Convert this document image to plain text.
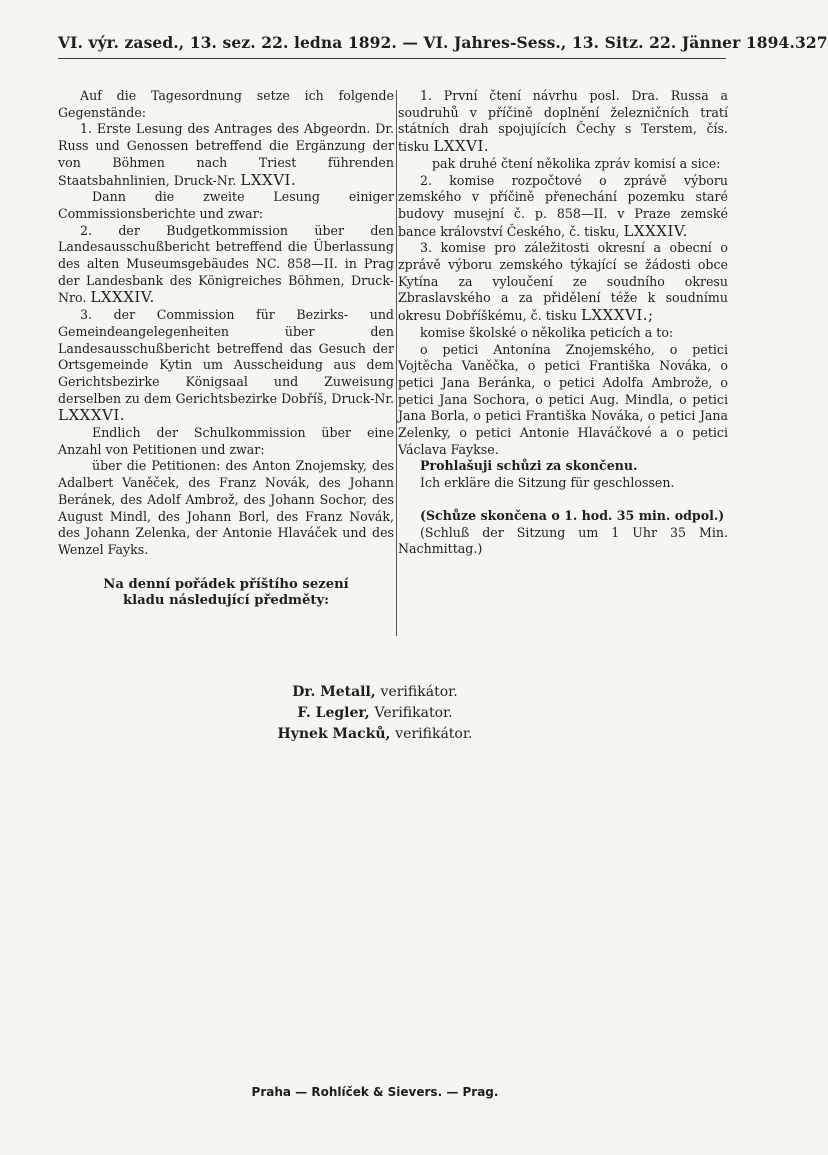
VI. výr. zased., 13. sez. 22. ledna 1892. — VI. Jahres-Sess., 13. Sitz. 22. Jänner 1894. 327

Auf die Tagesordnung setze ich folgende Gegenstände:

1. Erste Lesung des Antrages des Abgeordn. Dr. Russ und Genossen betreffend die Ergänzung der von Böhmen nach Triest führenden Staatsbahnlinien, Druck-Nr. LXXVI.

Dann die zweite Lesung einiger Commissionsberichte und zwar:

2. der Budgetkommission über den Landesausschußbericht betreffend die Überlassung des alten Museumsgebäudes NC. 858—II. in Prag der Landesbank des Königreiches Böhmen, Druck-Nro. LXXXIV.

3. der Commission für Bezirks- und Gemeindeangelegenheiten über den Landesausschußbericht betreffend das Gesuch der Ortsgemeinde Kytin um Ausscheidung aus dem Gerichtsbezirke Königsaal und Zuweisung derselben zu dem Gerichtsbezirke Dobříš, Druck-Nr. LXXXVI.

Endlich der Schulkommission über eine Anzahl von Petitionen und zwar:

über die Petitionen: des Anton Znojemsky, des Adalbert Vaněček, des Franz Novák, des Johann Beránek, des Adolf Ambrož, des Johann Sochor, des August Mindl, des Johann Borl, des Franz Novák, des Johann Zelenka, der Antonie Hlaváček und des Wenzel Fayks.

Na denní pořádek příštího sezení
kladu následující předměty:

1. První čtení návrhu posl. Dra. Russa a soudruhů v příčině doplnění železničních tratí státních drah spojujících Čechy s Terstem, čís. tisku LXXVI.

pak druhé čtení několika zpráv komisí a sice:

2. komise rozpočtové o zprávě výboru zemského v příčině přenechání pozemku staré budovy musejní č. p. 858—II. v Praze zemské bance království Českého, č. tisku, LXXXIV.

3. komise pro záležitosti okresní a obecní o zprávě výboru zemského týkající se žádosti obce Kytína za vyloučení ze soudního okresu Zbraslavského a za přidělení téže k soudnímu okresu Dobříškému, č. tisku LXXXVI.;

komise školské o několika peticích a to:

o petici Antonína Znojemského, o petici Vojtěcha Vaněčka, o petici Františka Nováka, o petici Jana Beránka, o petici Adolfa Ambrože, o petici Jana Sochora, o petici Aug. Mindla, o petici Jana Borla, o petici Františka Nováka, o petici Jana Zelenky, o petici Antonie Hlaváčkové a o petici Václava Faykse.

Prohlašuji schůzi za skončenu.

Ich erkläre die Sitzung für geschlossen.

(Schůze skončena o 1. hod. 35 min. odpol.)

(Schluß der Sitzung um 1 Uhr 35 Min. Nachmittag.)

Dr. Metall, verifikátor.
F. Legler, Verifikator.
Hynek Macků, verifikátor.
Praha — Rohlíček & Sievers. — Prag.
